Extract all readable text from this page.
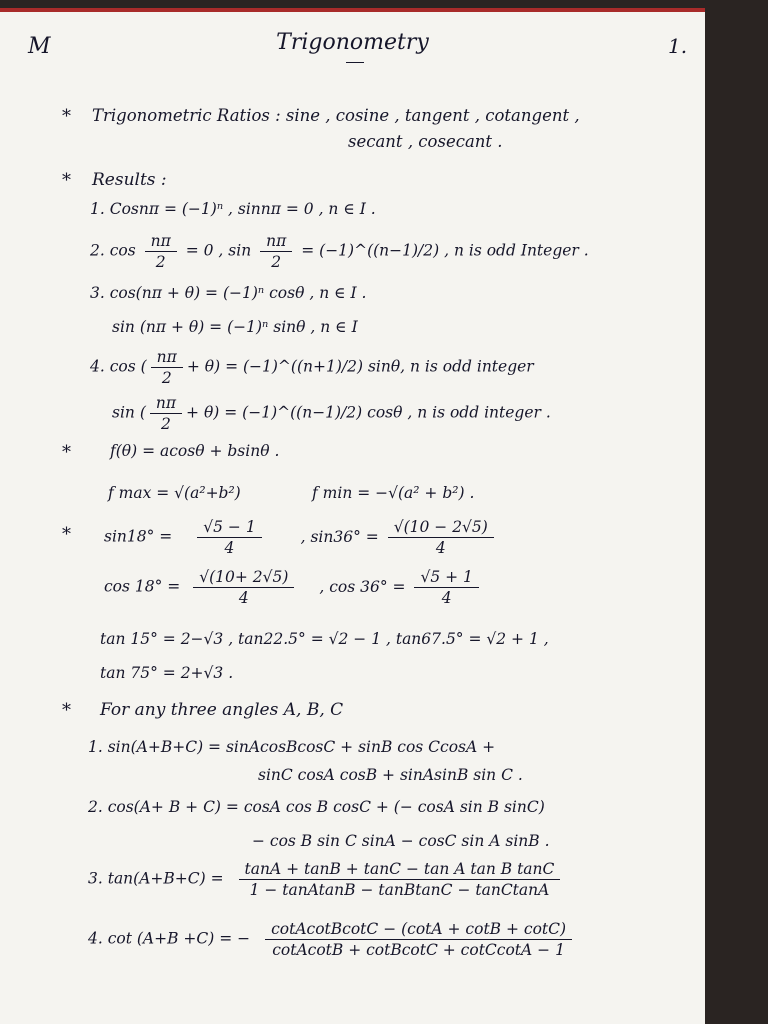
M	Trigonometry	1.
* Trigonometric Ratios : sine , cosine , tangent , cotangent ,
secant , cosecant .
* Results :
1. Cosnπ = (−1)ⁿ , sinnπ = 0 , n ∈ I .
2. $\cos \frac{n\pi}{2} = 0$ , $\sin \frac{n\pi}{2}$ = (−1)^((n−1)/2) , n is odd Integer .
3. cos(nπ + θ) = (−1)ⁿ cosθ , n ∈ I .
sin (nπ + θ) = (−1)ⁿ sinθ , n ∈ I
4. cos ( $\frac{n\pi}{2} + \theta$) = (−1)^((n+1)/2) sinθ, n is odd integer
sin ( $\frac{n\pi}{2} + \theta$) = (−1)^((n−1)/2) cosθ , n is odd integer .
*	f(θ) = acosθ + bsinθ .
f max = √(a²+b²)	f min = −√(a² + b²) .
* $\sin 18^\circ = \frac{√5 - 1}{4}$	, $\sin 36^\circ = \frac{√(10 - 2√5)}{4}$
$\cos 18^\circ = \frac{√(10+ 2√5)}{4}$ , $\cos 36^\circ = \frac{√5 + 1}{4}$
tan 15° = 2−√3 , tan22.5° = √2 − 1 , tan67.5° = √2 + 1 ,
tan 75° = 2+√3 .
* For any three angles A, B, C
1. sin(A+B+C) = sinAcosBcosC + sinB cos CcosA +
sinC cosA cosB + sinAsinB sin C .
2. cos(A+ B + C) = cosA cos B cosC + (− cosA sin B sinC)
− cos B sin C sinA − cosC sin A sinB .
3. $\tan(A+B+C) = \frac{\text{tanA + tanB + tanC − tan A tan B tanC}}{\text{1 − tanAtanB − tanBtanC − tanCtanA}}$
4. cot (A+B +C) = − $\frac{\text{cotAcotBcotC − (cotA + cotB + cotC)}}{\text{cotAcotB + cotBcotC + cotCcotA − 1}}$
